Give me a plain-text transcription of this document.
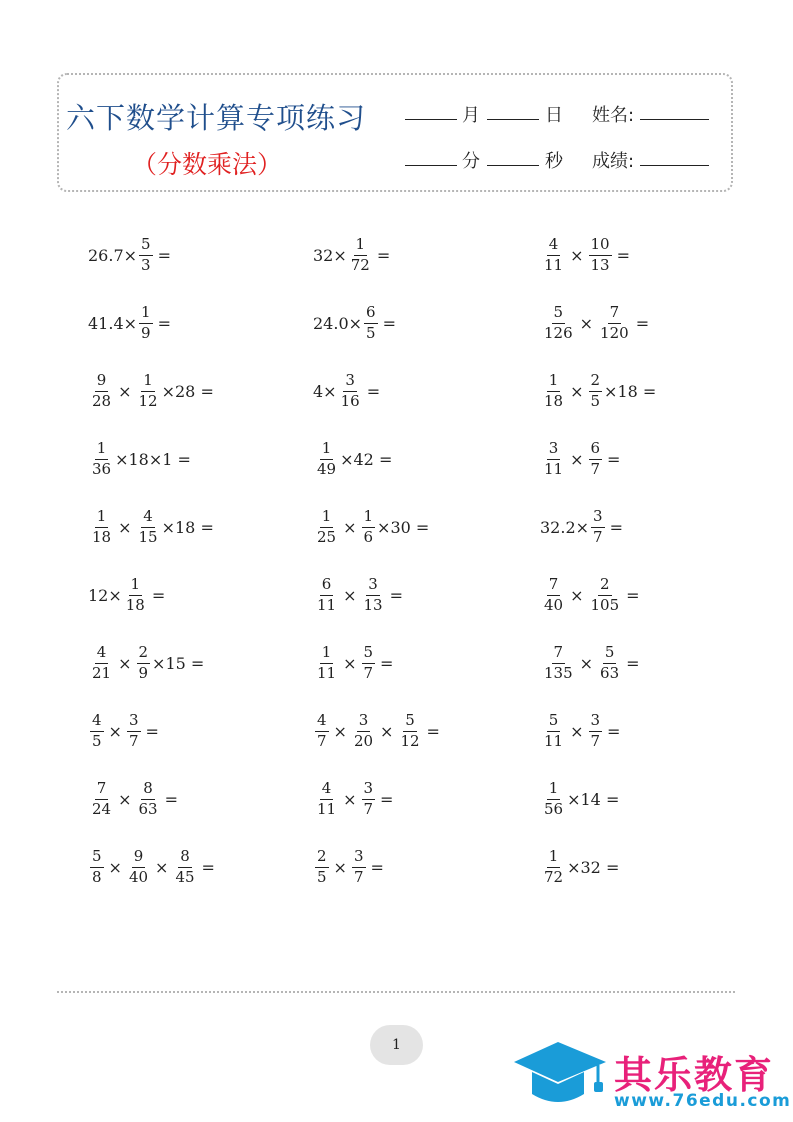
六下数学计算专项练习
（分数乘法）
月	日 姓名:
分	秒 成绩:
$26.7\times \frac{5}{3}$ =	$32\times \frac{1}{72}$ =	$\frac{4}{11} \times \frac{10}{13}$ =
$41.4\times \frac{1}{9}$ =	$24.0\times \frac{6}{5}$ =	$\frac{5}{126} \times \frac{7}{120}$ =
$\frac{9}{28} \times \frac{1}{12} \times 28$ =	$4\times \frac{3}{16}$ =	$\frac{1}{18} \times \frac{2}{5} \times 18$ =
$\frac{1}{36} \times 18\times 1$ =	$\frac{1}{49} \times 42$ =	$\frac{3}{11} \times \frac{6}{7}$ =
$\frac{1}{18} \times \frac{4}{15} \times 18$ =	$\frac{1}{25} \times \frac{1}{6} \times 30$ =	$32.2\times \frac{3}{7}$ =
$12\times \frac{1}{18}$ =	$\frac{6}{11} \times \frac{3}{13}$ =	$\frac{7}{40} \times \frac{2}{105}$ =
$\frac{4}{21} \times \frac{2}{9} \times 15$ =	$\frac{1}{11} \times \frac{5}{7}$ =	$\frac{7}{135} \times \frac{5}{63}$ =
$\frac{4}{5} \times \frac{3}{7}$ =	$\frac{4}{7} \times \frac{3}{20} \times \frac{5}{12}$ =	$\frac{5}{11} \times \frac{3}{7}$ =
$\frac{7}{24} \times \frac{8}{63}$ =	$\frac{4}{11} \times \frac{3}{7}$ =	$\frac{1}{56} \times 14$ =
$\frac{5}{8} \times \frac{9}{40} \times \frac{8}{45}$ =	$\frac{2}{5} \times \frac{3}{7}$ =	$\frac{1}{72} \times 32$ =
1
其乐教育
www.76edu.com
